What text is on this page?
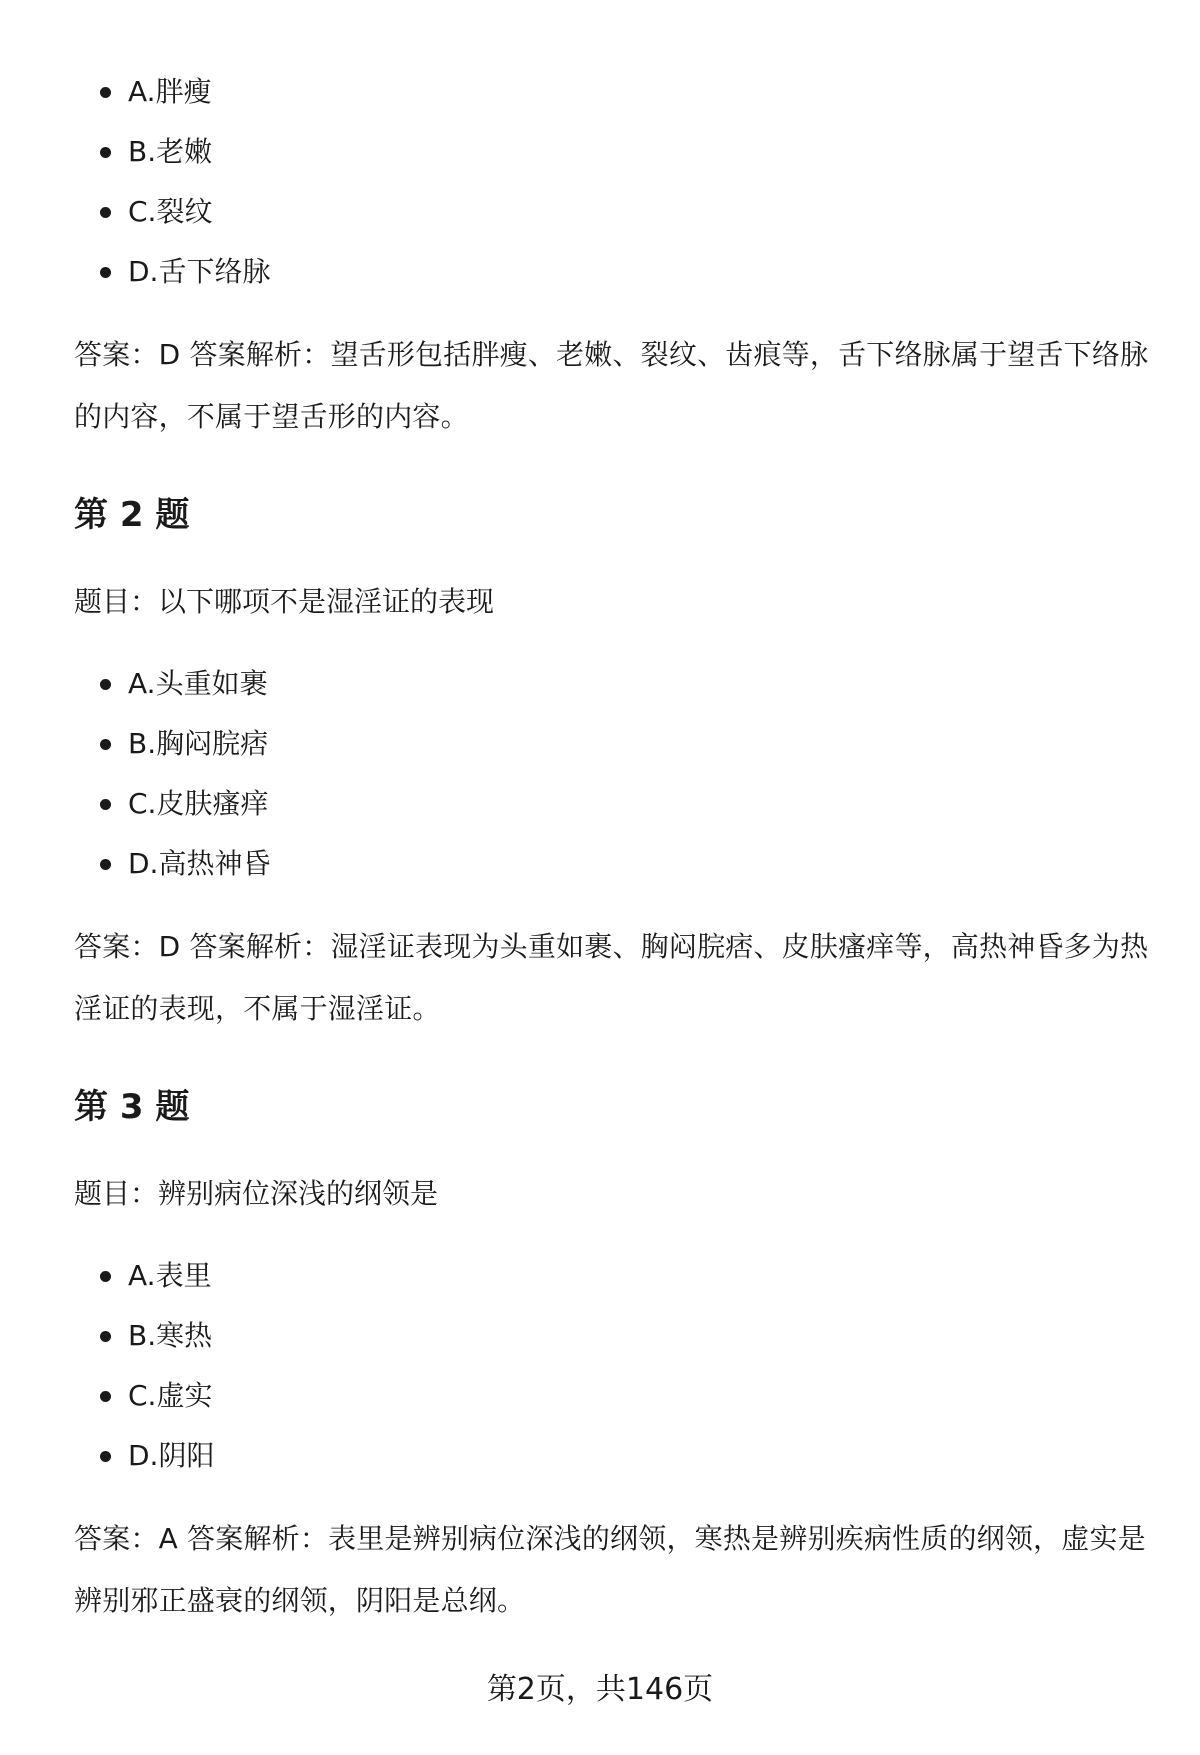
A.胖瘦
B.老嫩
C.裂纹
D.舌下络脉

答案：D 答案解析：望舌形包括胖瘦、老嫩、裂纹、齿痕等，舌下络脉属于望舌下络脉的内容，不属于望舌形的内容。

第 2 题

题目：以下哪项不是湿淫证的表现

A.头重如裹
B.胸闷脘痞
C.皮肤瘙痒
D.高热神昏

答案：D 答案解析：湿淫证表现为头重如裹、胸闷脘痞、皮肤瘙痒等，高热神昏多为热淫证的表现，不属于湿淫证。

第 3 题

题目：辨别病位深浅的纲领是

A.表里
B.寒热
C.虚实
D.阴阳

答案：A 答案解析：表里是辨别病位深浅的纲领，寒热是辨别疾病性质的纲领，虚实是辨别邪正盛衰的纲领，阴阳是总纲。

第2页，共146页
